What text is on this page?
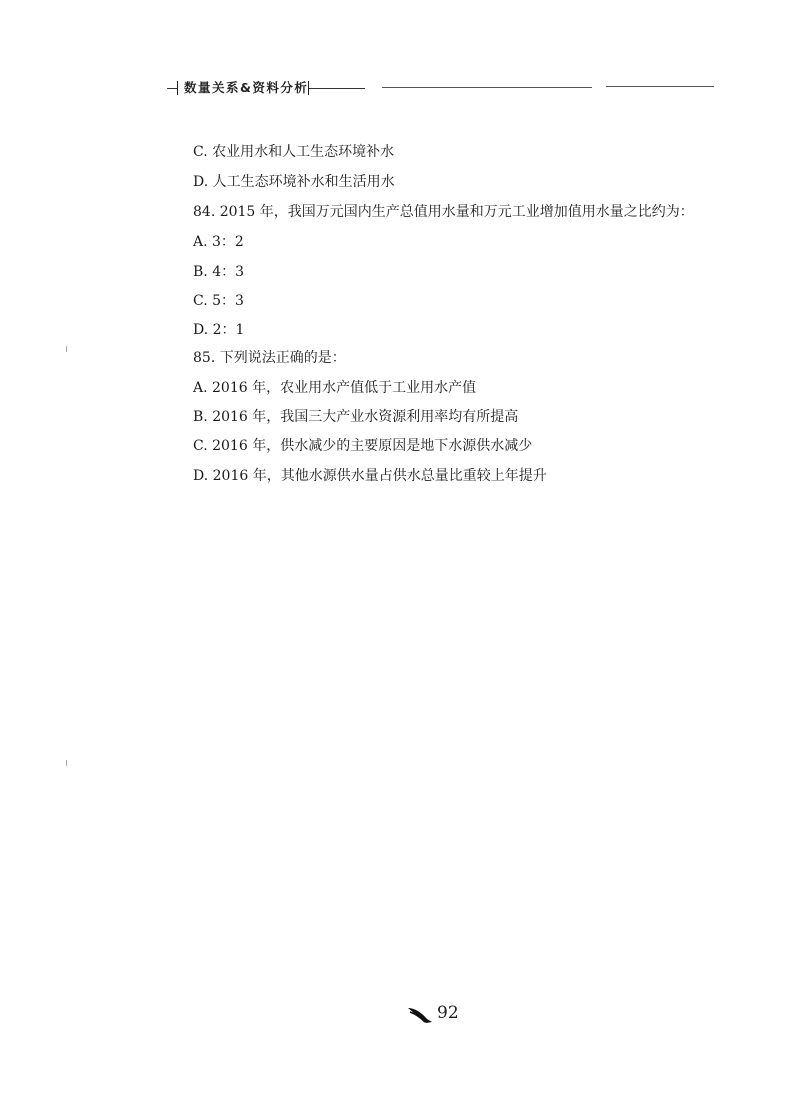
数量关系&资料分析
C. 农业用水和人工生态环境补水
D. 人工生态环境补水和生活用水
84. 2015 年，我国万元国内生产总值用水量和万元工业增加值用水量之比约为：
A. 3：2
B. 4：3
C. 5：3
D. 2：1
85. 下列说法正确的是：
A. 2016 年，农业用水产值低于工业用水产值
B. 2016 年，我国三大产业水资源利用率均有所提高
C. 2016 年，供水减少的主要原因是地下水源供水减少
D. 2016 年，其他水源供水量占供水总量比重较上年提升
92
